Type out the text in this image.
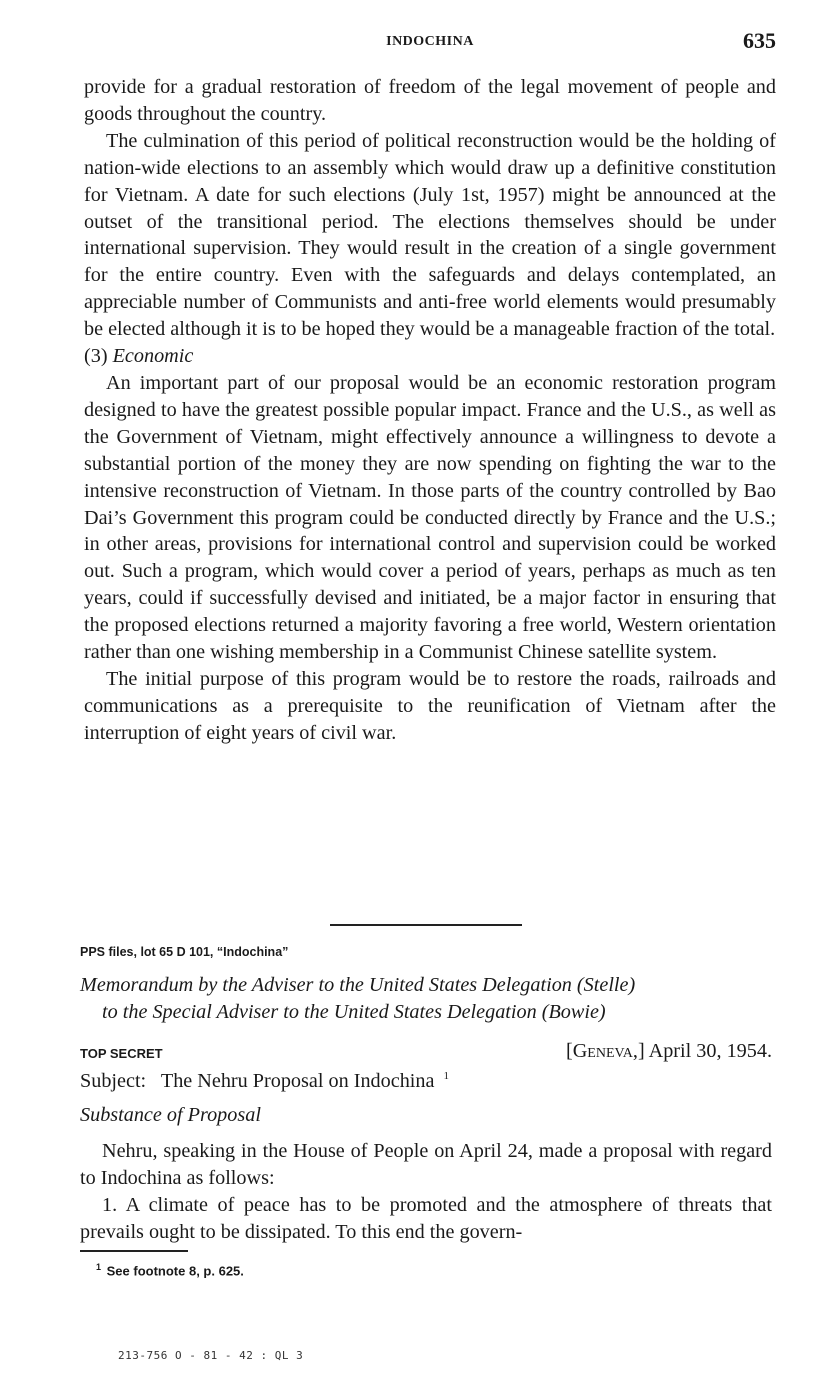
INDOCHINA	635

provide for a gradual restoration of freedom of the legal movement of people and goods throughout the country.

The culmination of this period of political reconstruction would be the holding of nation-wide elections to an assembly which would draw up a definitive constitution for Vietnam. A date for such elections (July 1st, 1957) might be announced at the outset of the transitional period. The elections themselves should be under international supervision. They would result in the creation of a single government for the entire country. Even with the safeguards and delays contemplated, an appreciable number of Communists and anti-free world elements would presumably be elected although it is to be hoped they would be a manageable fraction of the total.

(3) Economic

An important part of our proposal would be an economic restoration program designed to have the greatest possible popular impact. France and the U.S., as well as the Government of Vietnam, might effectively announce a willingness to devote a substantial portion of the money they are now spending on fighting the war to the intensive reconstruction of Vietnam. In those parts of the country controlled by Bao Dai’s Government this program could be conducted directly by France and the U.S.; in other areas, provisions for international control and supervision could be worked out. Such a program, which would cover a period of years, perhaps as much as ten years, could if successfully devised and initiated, be a major factor in ensuring that the proposed elections returned a majority favoring a free world, Western orientation rather than one wishing membership in a Communist Chinese satellite system.

The initial purpose of this program would be to restore the roads, railroads and communications as a prerequisite to the reunification of Vietnam after the interruption of eight years of civil war.

PPS files, lot 65 D 101, “Indochina”
Memorandum by the Adviser to the United States Delegation (Stelle)
to the Special Adviser to the United States Delegation (Bowie)
TOP SECRET	[Geneva,] April 30, 1954.
Subject: The Nehru Proposal on Indochina $^1$
Substance of Proposal

Nehru, speaking in the House of People on April 24, made a proposal with regard to Indochina as follows:

1. A climate of peace has to be promoted and the atmosphere of threats that prevails ought to be dissipated. To this end the govern-

$^1$ See footnote 8, p. 625.
213-756 O - 81 - 42 : QL 3
